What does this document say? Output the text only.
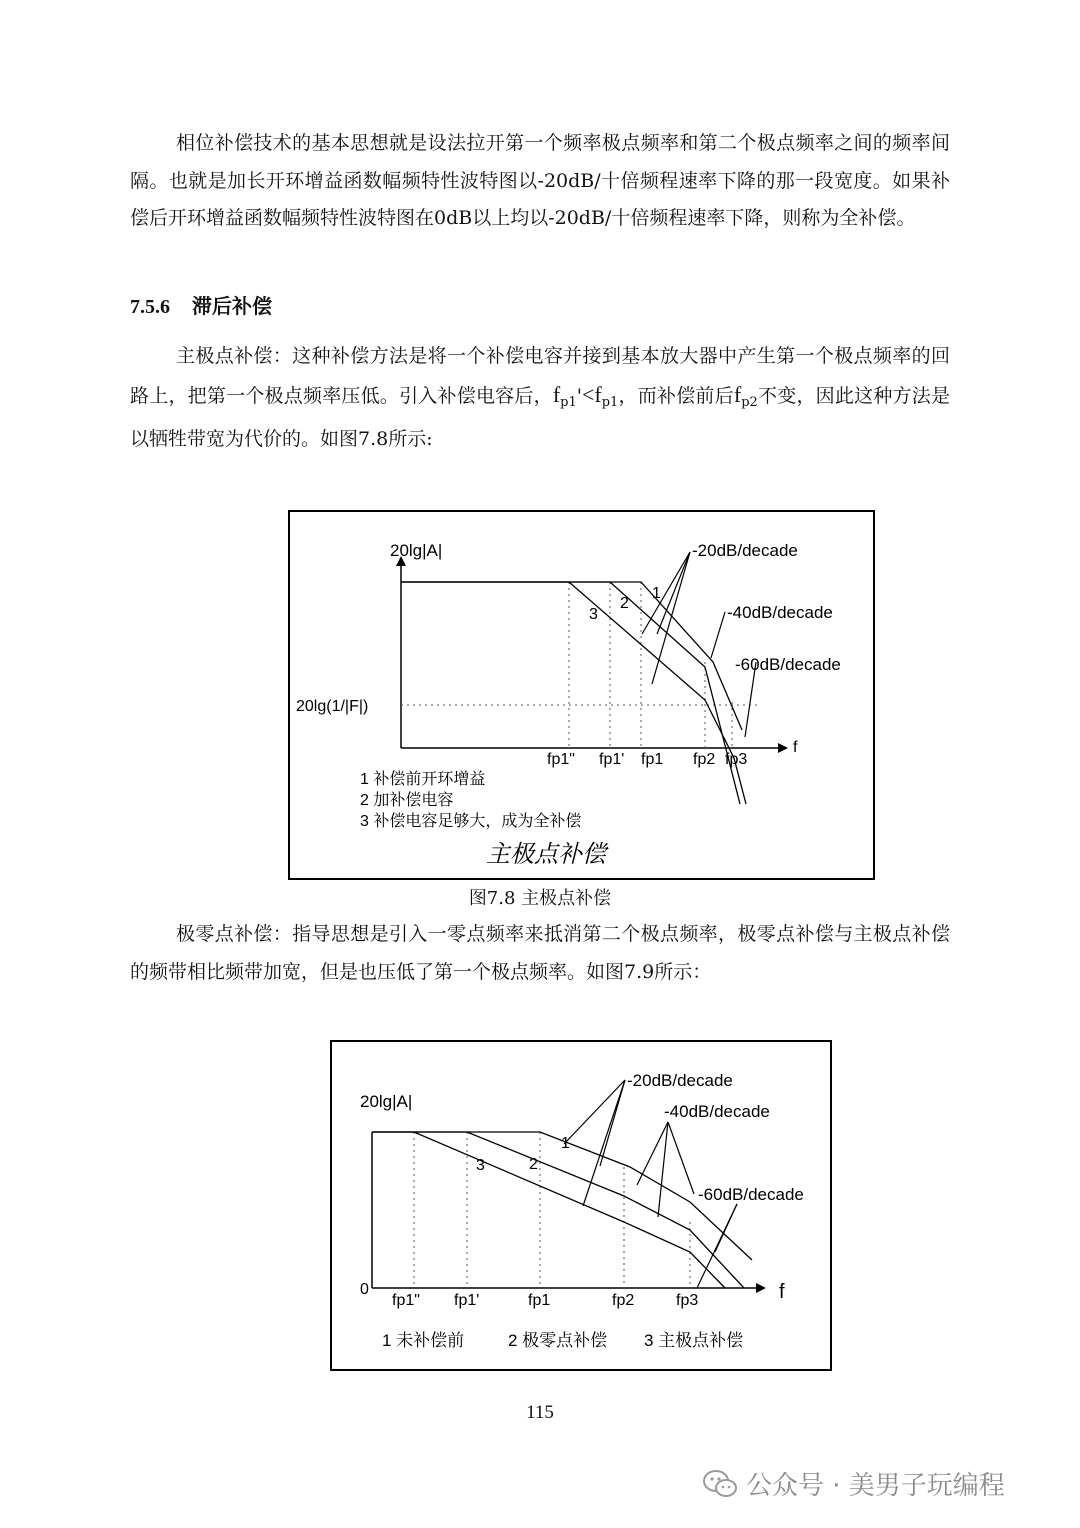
相位补偿技术的基本思想就是设法拉开第一个频率极点频率和第二个极点频率之间的频率间隔。也就是加长开环增益函数幅频特性波特图以-20dB/十倍频程速率下降的那一段宽度。如果补偿后开环增益函数幅频特性波特图在0dB以上均以-20dB/十倍频程速率下降，则称为全补偿。

7.5.6 滞后补偿

主极点补偿：这种补偿方法是将一个补偿电容并接到基本放大器中产生第一个极点频率的回路上，把第一个极点频率压低。引入补偿电容后，$f_{p1}'<f_{p1}$，而补偿前后$f_{p2}$不变，因此这种方法是以牺牲带宽为代价的。如图7.8所示:

20lg|A|
f
20lg(1/|F|)
-20dB/decade
-40dB/decade
-60dB/decade
1
2
3
fp1" fp1' fp1 fp2 fp3
1 补偿前开环增益
2 加补偿电容
3 补偿电容足够大，成为全补偿
主极点补偿
图7.8 主极点补偿

极零点补偿：指导思想是引入一零点频率来抵消第二个极点频率，极零点补偿与主极点补偿的频带相比频带加宽，但是也压低了第一个极点频率。如图7.9所示：

20lg|A|
0	f
-20dB/decade
-40dB/decade
-60dB/decade
1
2
3
fp1" fp1'	fp1	fp2	fp3
1 未补偿前	2 极零点补偿 3 主极点补偿
115
公众号 · 美男子玩编程
